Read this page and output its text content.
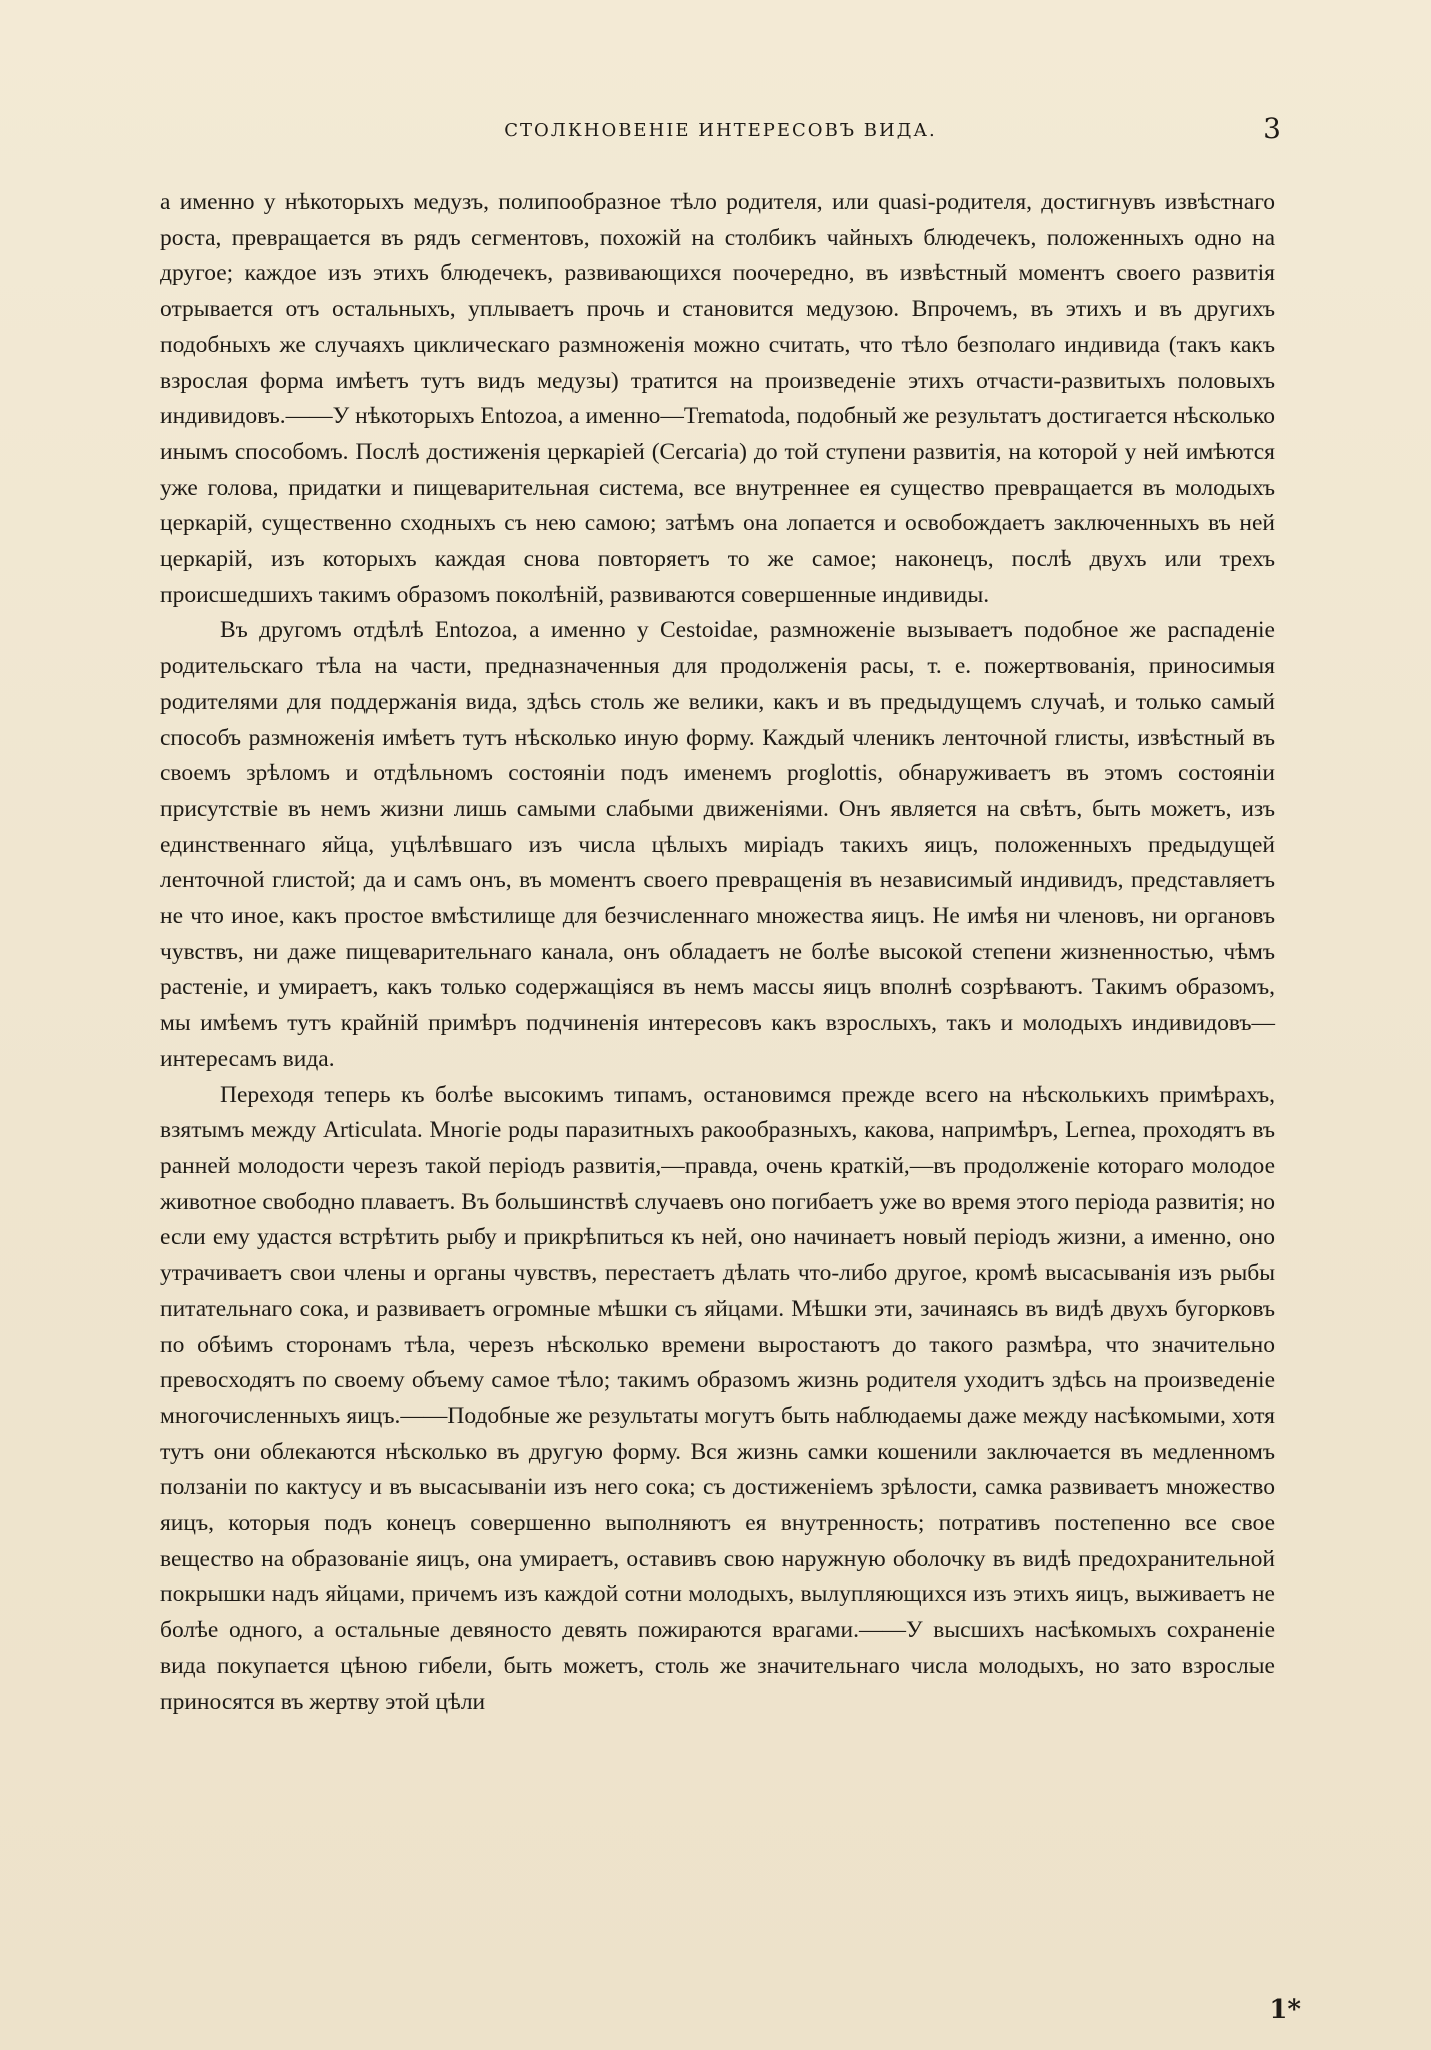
СТОЛКНОВЕНІЕ ИНТЕРЕСОВЪ ВИДА.	3

а именно у нѣкоторыхъ медузъ, полипообразное тѣло родителя, или quasi-родителя, достигнувъ извѣстнаго роста, превращается въ рядъ сегментовъ, похожій на столбикъ чайныхъ блюдечекъ, положенныхъ одно на другое; каждое изъ этихъ блюдечекъ, развивающихся поочередно, въ извѣстный моментъ своего развитія отрывается отъ остальныхъ, уплываетъ прочь и становится медузою. Впрочемъ, въ этихъ и въ другихъ подобныхъ же случаяхъ циклическаго размноженія можно считать, что тѣло безполаго индивида (такъ какъ взрослая форма имѣетъ тутъ видъ медузы) тратится на произведеніе этихъ отчасти-развитыхъ половыхъ индивидовъ.——У нѣкоторыхъ Entozoa, а именно—Trematoda, подобный же результатъ достигается нѣсколько инымъ способомъ. Послѣ достиженія церкаріей (Cercaria) до той ступени развитія, на которой у ней имѣются уже голова, придатки и пищеварительная система, все внутреннее ея существо превращается въ молодыхъ церкарій, существенно сходныхъ съ нею самою; затѣмъ она лопается и освобождаетъ заключенныхъ въ ней церкарій, изъ которыхъ каждая снова повторяетъ то же самое; наконецъ, послѣ двухъ или трехъ происшедшихъ такимъ образомъ поколѣній, развиваются совершенные индивиды.

Въ другомъ отдѣлѣ Entozoa, а именно у Cestoidae, размноженіе вызываетъ подобное же распаденіе родительскаго тѣла на части, предназначенныя для продолженія расы, т. е. пожертвованія, приносимыя родителями для поддержанія вида, здѣсь столь же велики, какъ и въ предыдущемъ случаѣ, и только самый способъ размноженія имѣетъ тутъ нѣсколько иную форму. Каждый членикъ ленточной глисты, извѣстный въ своемъ зрѣломъ и отдѣльномъ состояніи подъ именемъ proglottis, обнаруживаетъ въ этомъ состояніи присутствіе въ немъ жизни лишь самыми слабыми движеніями. Онъ является на свѣтъ, быть можетъ, изъ единственнаго яйца, уцѣлѣвшаго изъ числа цѣлыхъ миріадъ такихъ яицъ, положенныхъ предыдущей ленточной глистой; да и самъ онъ, въ моментъ своего превращенія въ независимый индивидъ, представляетъ не что иное, какъ простое вмѣстилище для безчисленнаго множества яицъ. Не имѣя ни членовъ, ни органовъ чувствъ, ни даже пищеварительнаго канала, онъ обладаетъ не болѣе высокой степени жизненностью, чѣмъ растеніе, и умираетъ, какъ только содержащіяся въ немъ массы яицъ вполнѣ созрѣваютъ. Такимъ образомъ, мы имѣемъ тутъ крайній примѣръ подчиненія интересовъ какъ взрослыхъ, такъ и молодыхъ индивидовъ—интересамъ вида.

Переходя теперь къ болѣе высокимъ типамъ, остановимся прежде всего на нѣсколькихъ примѣрахъ, взятымъ между Articulata. Многіе роды паразитныхъ ракообразныхъ, какова, напримѣръ, Lernea, проходятъ въ ранней молодости черезъ такой періодъ развитія,—правда, очень краткій,—въ продолженіе котораго молодое животное свободно плаваетъ. Въ большинствѣ случаевъ оно погибаетъ уже во время этого періода развитія; но если ему удастся встрѣтить рыбу и прикрѣпиться къ ней, оно начинаетъ новый періодъ жизни, а именно, оно утрачиваетъ свои члены и органы чувствъ, перестаетъ дѣлать что-либо другое, кромѣ высасыванія изъ рыбы питательнаго сока, и развиваетъ огромные мѣшки съ яйцами. Мѣшки эти, зачинаясь въ видѣ двухъ бугорковъ по обѣимъ сторонамъ тѣла, черезъ нѣсколько времени выростаютъ до такого размѣра, что значительно превосходятъ по своему объему самое тѣло; такимъ образомъ жизнь родителя уходитъ здѣсь на произведеніе многочисленныхъ яицъ.——Подобные же результаты могутъ быть наблюдаемы даже между насѣкомыми, хотя тутъ они облекаются нѣсколько въ другую форму. Вся жизнь самки кошенили заключается въ медленномъ ползаніи по кактусу и въ высасываніи изъ него сока; съ достиженіемъ зрѣлости, самка развиваетъ множество яицъ, которыя подъ конецъ совершенно выполняютъ ея внутренность; потративъ постепенно все свое вещество на образованіе яицъ, она умираетъ, оставивъ свою наружную оболочку въ видѣ предохранительной покрышки надъ яйцами, причемъ изъ каждой сотни молодыхъ, вылупляющихся изъ этихъ яицъ, выживаетъ не болѣе одного, а остальные девяносто девять пожираются врагами.——У высшихъ насѣкомыхъ сохраненіе вида покупается цѣною гибели, быть можетъ, столь же значительнаго числа молодыхъ, но зато взрослые приносятся въ жертву этой цѣли

1*
